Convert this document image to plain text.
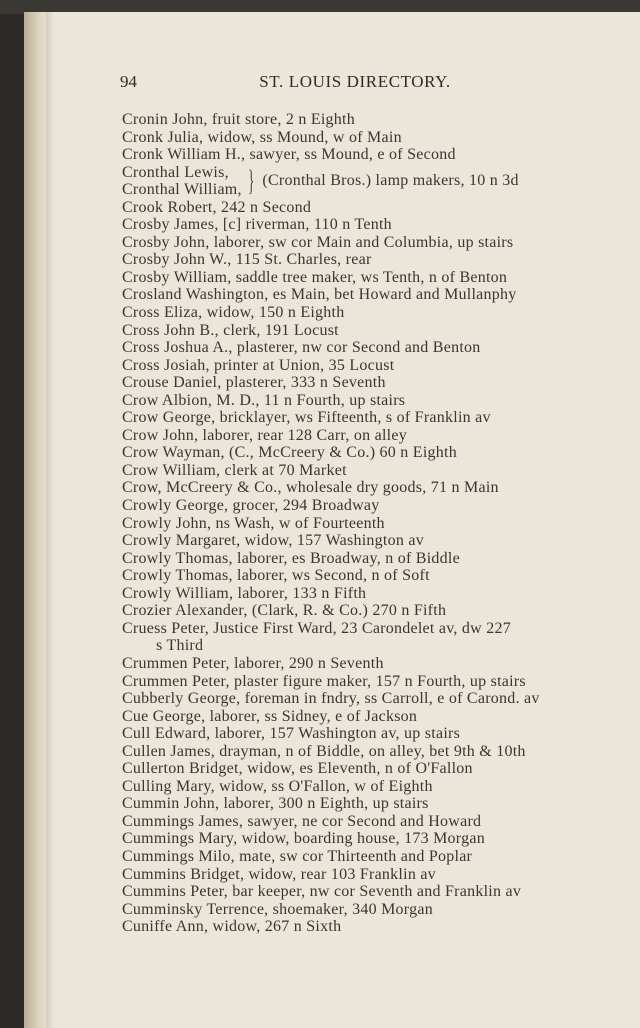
94	ST. LOUIS DIRECTORY.
Cronin John, fruit store, 2 n Eighth
Cronk Julia, widow, ss Mound, w of Main
Cronk William H., sawyer, ss Mound, e of Second
Cronthal Lewis,
Cronthal William, } (Cronthal Bros.) lamp makers, 10 n 3d
Crook Robert, 242 n Second
Crosby James, [c] riverman, 110 n Tenth
Crosby John, laborer, sw cor Main and Columbia, up stairs
Crosby John W., 115 St. Charles, rear
Crosby William, saddle tree maker, ws Tenth, n of Benton
Crosland Washington, es Main, bet Howard and Mullanphy
Cross Eliza, widow, 150 n Eighth
Cross John B., clerk, 191 Locust
Cross Joshua A., plasterer, nw cor Second and Benton
Cross Josiah, printer at Union, 35 Locust
Crouse Daniel, plasterer, 333 n Seventh
Crow Albion, M. D., 11 n Fourth, up stairs
Crow George, bricklayer, ws Fifteenth, s of Franklin av
Crow John, laborer, rear 128 Carr, on alley
Crow Wayman, (C., McCreery & Co.) 60 n Eighth
Crow William, clerk at 70 Market
Crow, McCreery & Co., wholesale dry goods, 71 n Main
Crowly George, grocer, 294 Broadway
Crowly John, ns Wash, w of Fourteenth
Crowly Margaret, widow, 157 Washington av
Crowly Thomas, laborer, es Broadway, n of Biddle
Crowly Thomas, laborer, ws Second, n of Soft
Crowly William, laborer, 133 n Fifth
Crozier Alexander, (Clark, R. & Co.) 270 n Fifth
Cruess Peter, Justice First Ward, 23 Carondelet av, dw 227
s Third
Crummen Peter, laborer, 290 n Seventh
Crummen Peter, plaster figure maker, 157 n Fourth, up stairs
Cubberly George, foreman in fndry, ss Carroll, e of Carond. av
Cue George, laborer, ss Sidney, e of Jackson
Cull Edward, laborer, 157 Washington av, up stairs
Cullen James, drayman, n of Biddle, on alley, bet 9th & 10th
Cullerton Bridget, widow, es Eleventh, n of O'Fallon
Culling Mary, widow, ss O'Fallon, w of Eighth
Cummin John, laborer, 300 n Eighth, up stairs
Cummings James, sawyer, ne cor Second and Howard
Cummings Mary, widow, boarding house, 173 Morgan
Cummings Milo, mate, sw cor Thirteenth and Poplar
Cummins Bridget, widow, rear 103 Franklin av
Cummins Peter, bar keeper, nw cor Seventh and Franklin av
Cumminsky Terrence, shoemaker, 340 Morgan
Cuniffe Ann, widow, 267 n Sixth
